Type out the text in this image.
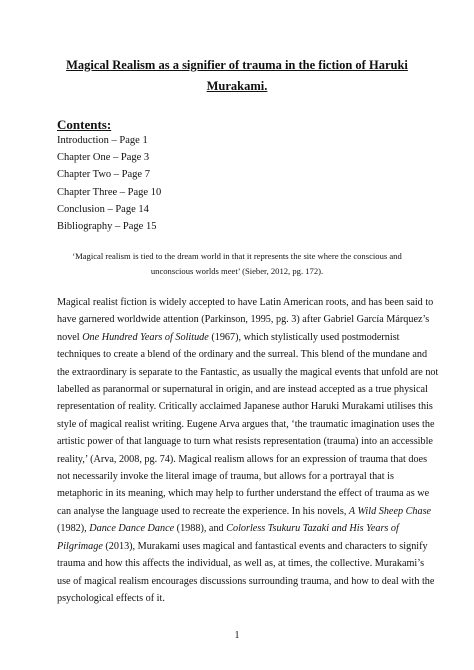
Magical Realism as a signifier of trauma in the fiction of Haruki
Murakami.
Contents:
Introduction – Page 1
Chapter One – Page 3
Chapter Two – Page 7
Chapter Three – Page 10
Conclusion – Page 14
Bibliography – Page 15
‘Magical realism is tied to the dream world in that it represents the site where the conscious and
unconscious worlds meet’ (Sieber, 2012, pg. 172).
Magical realist fiction is widely accepted to have Latin American roots, and has been said to
have garnered worldwide attention (Parkinson, 1995, pg. 3) after Gabriel García Márquez’s
novel One Hundred Years of Solitude (1967), which stylistically used postmodernist
techniques to create a blend of the ordinary and the surreal. This blend of the mundane and
the extraordinary is separate to the Fantastic, as usually the magical events that unfold are not
labelled as paranormal or supernatural in origin, and are instead accepted as a true physical
representation of reality. Critically acclaimed Japanese author Haruki Murakami utilises this
style of magical realist writing. Eugene Arva argues that, ‘the traumatic imagination uses the
artistic power of that language to turn what resists representation (trauma) into an accessible
reality,’ (Arva, 2008, pg. 74). Magical realism allows for an expression of trauma that does
not necessarily invoke the literal image of trauma, but allows for a portrayal that is
metaphoric in its meaning, which may help to further understand the effect of trauma as we
can analyse the language used to recreate the experience. In his novels, A Wild Sheep Chase
(1982), Dance Dance Dance (1988), and Colorless Tsukuru Tazaki and His Years of
Pilgrimage (2013), Murakami uses magical and fantastical events and characters to signify
trauma and how this affects the individual, as well as, at times, the collective. Murakami’s
use of magical realism encourages discussions surrounding trauma, and how to deal with the
psychological effects of it.
1
